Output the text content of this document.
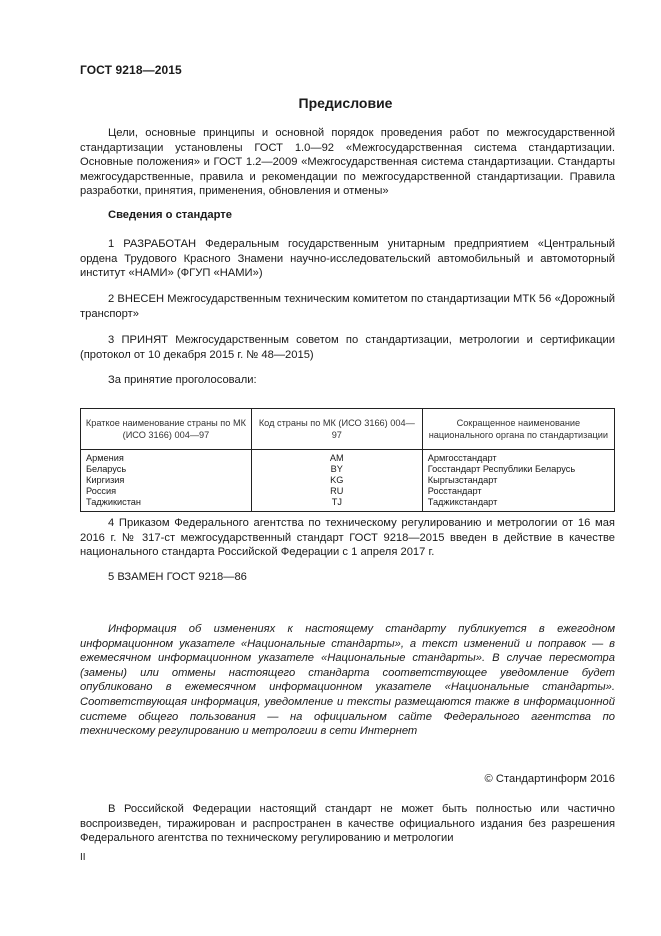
ГОСТ 9218—2015
Предисловие

Цели, основные принципы и основной порядок проведения работ по межгосударственной стандартизации установлены ГОСТ 1.0—92 «Межгосударственная система стандартизации. Основные положения» и ГОСТ 1.2—2009 «Межгосударственная система стандартизации. Стандарты межгосударственные, правила и рекомендации по межгосударственной стандартизации. Правила разработки, принятия, применения, обновления и отмены»

Сведения о стандарте

1 РАЗРАБОТАН Федеральным государственным унитарным предприятием «Центральный ордена Трудового Красного Знамени научно-исследовательский автомобильный и автомоторный институт «НАМИ» (ФГУП «НАМИ»)

2 ВНЕСЕН Межгосударственным техническим комитетом по стандартизации МТК 56 «Дорожный транспорт»

3 ПРИНЯТ Межгосударственным советом по стандартизации, метрологии и сертификации (протокол от 10 декабря 2015 г. № 48—2015)

За принятие проголосовали:
Краткое наименование страны по МК (ИСО 3166) 004—97	Код страны по МК (ИСО 3166) 004—97	Сокращенное наименование национального органа по стандартизации
Армения	AM	Армгосстандарт
Беларусь	BY	Госстандарт Республики Беларусь
Киргизия	KG	Кыргызстандарт
Россия	RU	Росстандарт
Таджикистан	TJ	Таджикстандарт

4 Приказом Федерального агентства по техническому регулированию и метрологии от 16 мая 2016 г. № 317-ст межгосударственный стандарт ГОСТ 9218—2015 введен в действие в качестве национального стандарта Российской Федерации с 1 апреля 2017 г.

5 ВЗАМЕН ГОСТ 9218—86

Информация об изменениях к настоящему стандарту публикуется в ежегодном информационном указателе «Национальные стандарты», а текст изменений и поправок — в ежемесячном информационном указателе «Национальные стандарты». В случае пересмотра (замены) или отмены настоящего стандарта соответствующее уведомление будет опубликовано в ежемесячном информационном указателе «Национальные стандарты». Соответствующая информация, уведомление и тексты размещаются также в информационной системе общего пользования — на официальном сайте Федерального агентства по техническому регулированию и метрологии в сети Интернет

© Стандартинформ 2016

В Российской Федерации настоящий стандарт не может быть полностью или частично воспроизведен, тиражирован и распространен в качестве официального издания без разрешения Федерального агентства по техническому регулированию и метрологии

II
